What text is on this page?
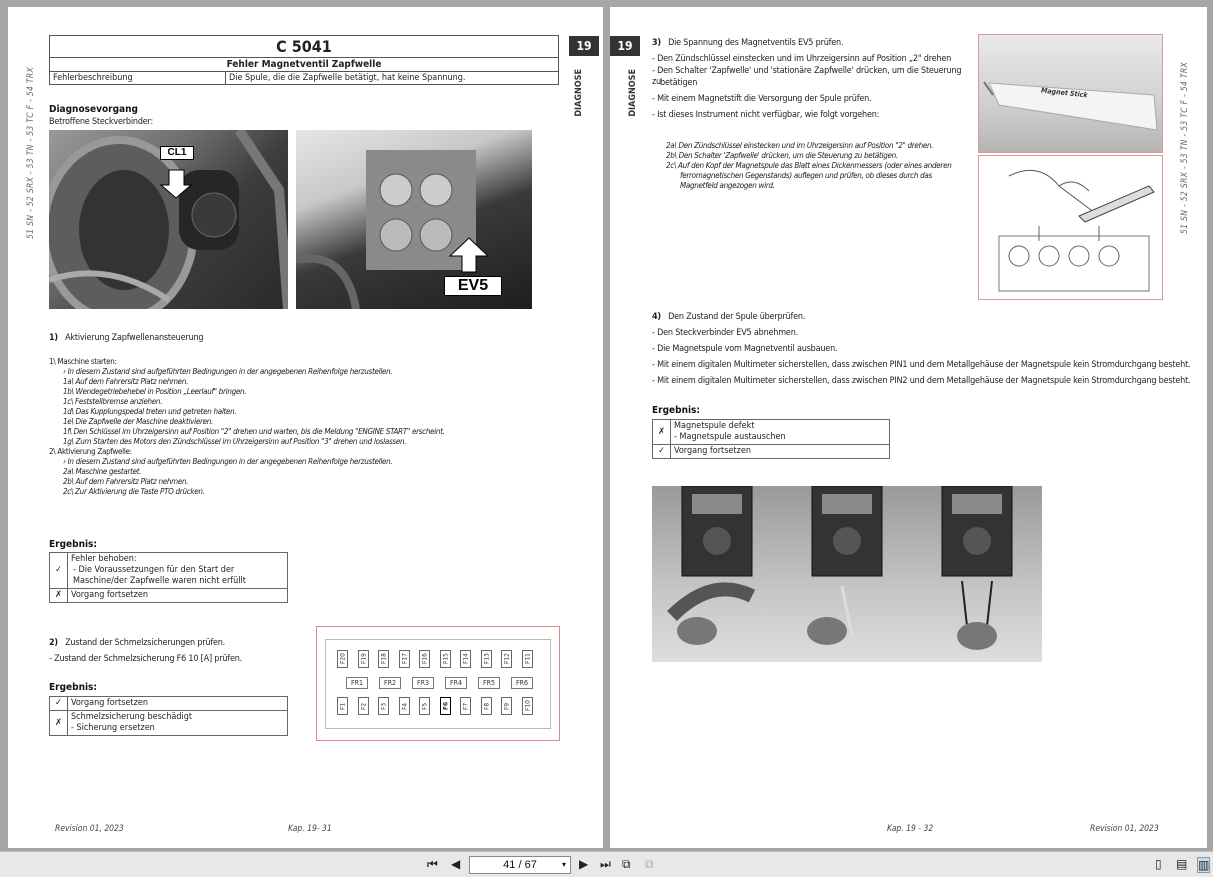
51 SN - 52 SRX - 53 TN - 53 TC F - 54 TRX
19
DIAGNOSE
C 5041
Fehler Magnetventil Zapfwelle
Fehlerbeschreibung	Die Spule, die die Zapfwelle betätigt, hat keine Spannung.
Diagnosevorgang
Betroffene Steckverbinder:
CL1
EV5
1) Aktivierung Zapfwellenansteuerung
1\ Maschine starten:
› In diesem Zustand sind aufgeführten Bedingungen in der angegebenen Reihenfolge herzustellen.
1a\ Auf dem Fahrersitz Platz nehmen.
1b\ Wendegetriebehebel in Position „Leerlauf" bringen.
1c\ Feststellbremse anziehen.
1d\ Das Kupplungspedal treten und getreten halten.
1e\ Die Zapfwelle der Maschine deaktivieren.
1f\ Den Schlüssel im Uhrzeigersinn auf Position "2" drehen und warten, bis die Meldung "ENGINE START" erscheint.
1g\ Zum Starten des Motors den Zündschlüssel im Uhrzeigersinn auf Position "3" drehen und loslassen.
2\ Aktivierung Zapfwelle:
› In diesem Zustand sind aufgeführten Bedingungen in der angegebenen Reihenfolge herzustellen.
2a\ Maschine gestartet.
2b\ Auf dem Fahrersitz Platz nehmen.
2c\ Zur Aktivierung die Taste PTO drücken.
Ergebnis:
✓	Fehler behoben:
- Die Voraussetzungen für den Start der Maschine/der Zapfwelle waren nicht erfüllt

✗	Vorgang fortsetzen
2) Zustand der Schmelzsicherungen prüfen.
- Zustand der Schmelzsicherung F6 10 [A] prüfen.
Ergebnis:
✓	Vorgang fortsetzen
✗	Schmelzsicherung beschädigt
- Sicherung ersetzen
F20 F19 F18 F17 F16 F15 F14 F13 F12 F11
FR1	FR2	FR3	FR4	FR5	FR6
F1 F2 F3 F4 F5 F6 F7 F8 F9 F10
Revision 01, 2023	Kap. 19- 31
19
DIAGNOSE	51 SN - 52 SRX - 53 TN - 53 TC F - 54 TRX
3) Die Spannung des Magnetventils EV5 prüfen.
- Den Zündschlüssel einstecken und im Uhrzeigersinn auf Position „2" drehen
- Den Schalter 'Zapfwelle' und 'stationäre Zapfwelle' drücken, um die Steuerung zu betätigen
- Mit einem Magnetstift die Versorgung der Spule prüfen.
- Ist dieses Instrument nicht verfügbar, wie folgt vorgehen:
2a\ Den Zündschlüssel einstecken und im Uhrzeigersinn auf Position "2" drehen.
2b\ Den Schalter 'Zapfwelle' drücken, um die Steuerung zu betätigen.
2c\ Auf den Kopf der Magnetspule das Blatt eines Dickenmessers (oder eines anderen
ferromagnetischen Gegenstands) auflegen und prüfen, ob dieses durch das
Magnetfeld angezogen wird.
Magnet Stick
4) Den Zustand der Spule überprüfen.
- Den Steckverbinder EV5 abnehmen.
- Die Magnetspule vom Magnetventil ausbauen.
- Mit einem digitalen Multimeter sicherstellen, dass zwischen PIN1 und dem Metallgehäuse der Magnetspule kein Stromdurchgang besteht.
- Mit einem digitalen Multimeter sicherstellen, dass zwischen PIN2 und dem Metallgehäuse der Magnetspule kein Stromdurchgang besteht.
Ergebnis:
✗	Magnetspule defekt
- Magnetspule austauschen

✓	Vorgang fortsetzen
Kap. 19 - 32	Revision 01, 2023
⏮ ◀	41 / 67	▾ ▶ ⏭ ⧉ ⧉	▯ ▤ ▥
